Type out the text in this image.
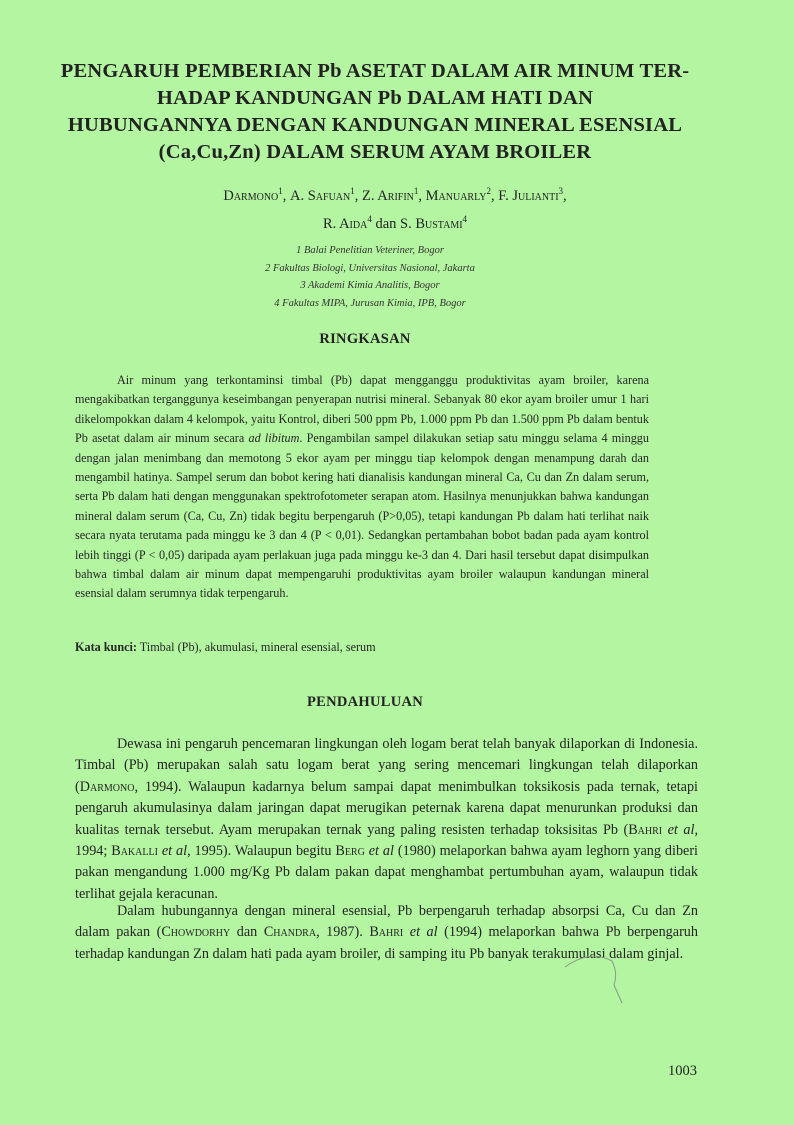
PENGARUH PEMBERIAN Pb ASETAT DALAM AIR MINUM TER-
HADAP KANDUNGAN Pb DALAM HATI DAN
HUBUNGANNYA DENGAN KANDUNGAN MINERAL ESENSIAL
(Ca,Cu,Zn) DALAM SERUM AYAM BROILER
Darmono$^1$, A. Safuan$^1$, Z. Arifin$^1$, Manuarly$^2$, F. Julianti$^3$,
R. Aida$^4$ dan S. Bustami$^4$
1 Balai Penelitian Veteriner, Bogor
2 Fakultas Biologi, Universitas Nasional, Jakarta
3 Akademi Kimia Analitis, Bogor
4 Fakultas MIPA, Jurusan Kimia, IPB, Bogor
RINGKASAN

Air minum yang terkontaminsi timbal (Pb) dapat mengganggu produktivitas ayam broiler, karena mengakibatkan terganggunya keseimbangan penyerapan nutrisi mineral. Sebanyak 80 ekor ayam broiler umur 1 hari dikelompokkan dalam 4 kelompok, yaitu Kontrol, diberi 500 ppm Pb, 1.000 ppm Pb dan 1.500 ppm Pb dalam bentuk Pb asetat dalam air minum secara ad libitum. Pengambilan sampel dilakukan setiap satu minggu selama 4 minggu dengan jalan menimbang dan memotong 5 ekor ayam per minggu tiap kelompok dengan menampung darah dan mengambil hatinya. Sampel serum dan bobot kering hati dianalisis kandungan mineral Ca, Cu dan Zn dalam serum, serta Pb dalam hati dengan menggunakan spektrofotometer serapan atom. Hasilnya menunjukkan bahwa kandungan mineral dalam serum (Ca, Cu, Zn) tidak begitu berpengaruh (P>0,05), tetapi kandungan Pb dalam hati terlihat naik secara nyata terutama pada minggu ke 3 dan 4 (P < 0,01). Sedangkan pertambahan bobot badan pada ayam kontrol lebih tinggi (P < 0,05) daripada ayam perlakuan juga pada minggu ke-3 dan 4. Dari hasil tersebut dapat disimpulkan bahwa timbal dalam air minum dapat mempengaruhi produktivitas ayam broiler walaupun kandungan mineral esensial dalam serumnya tidak terpengaruh.

Kata kunci: Timbal (Pb), akumulasi, mineral esensial, serum
PENDAHULUAN

Dewasa ini pengaruh pencemaran lingkungan oleh logam berat telah banyak dilaporkan di Indonesia. Timbal (Pb) merupakan salah satu logam berat yang sering mencemari lingkungan telah dilaporkan (Darmono, 1994). Walaupun kadarnya belum sampai dapat menimbulkan toksikosis pada ternak, tetapi pengaruh akumulasinya dalam jaringan dapat merugikan peternak karena dapat menurunkan produksi dan kualitas ternak tersebut. Ayam merupakan ternak yang paling resisten terhadap toksisitas Pb (Bahri et al, 1994; Bakalli et al, 1995). Walaupun begitu Berg et al (1980) melaporkan bahwa ayam leghorn yang diberi pakan mengandung 1.000 mg/Kg Pb dalam pakan dapat menghambat pertumbuhan ayam, walaupun tidak terlihat gejala keracunan.

Dalam hubungannya dengan mineral esensial, Pb berpengaruh terhadap absorpsi Ca, Cu dan Zn dalam pakan (Chowdorhy dan Chandra, 1987). Bahri et al (1994) melaporkan bahwa Pb berpengaruh terhadap kandungan Zn dalam hati pada ayam broiler, di samping itu Pb banyak terakumulasi dalam ginjal.

1003
